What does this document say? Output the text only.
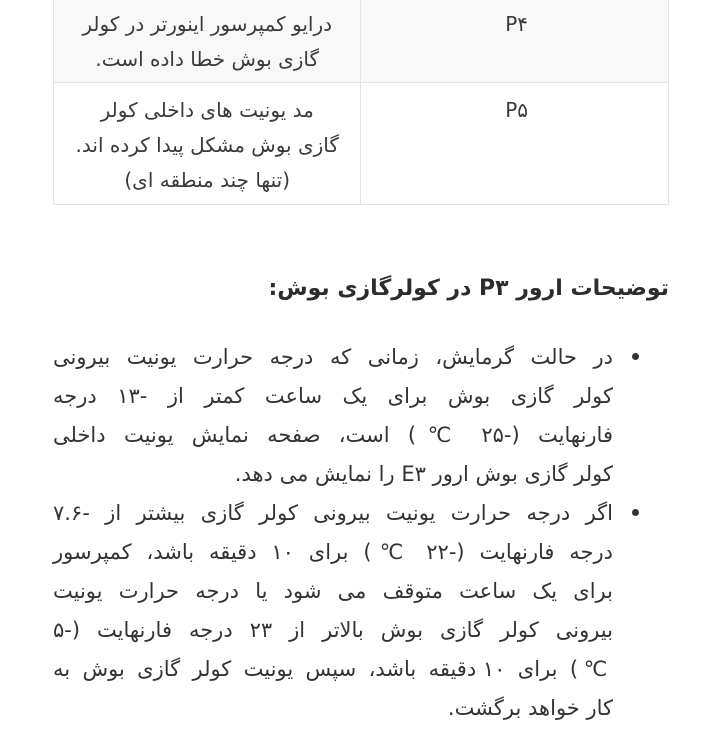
P۴	درایو کمپرسور اینورتر در کولر
گازی بوش خطا داده است.

P۵	مد یونیت های داخلی کولر
گازی بوش مشکل پیدا کرده اند.
(تنها چند منطقه ای)
توضیحات ارور P۳ در کولرگازی بوش:
در حالت گرمایش، زمانی که درجه حرارت یونیت بیرونی
کولر گازی بوش برای یک ساعت کمتر از -۱۳ درجه
فارنهایت (-۲۵ ℃) است، صفحه نمایش یونیت داخلی
کولر گازی بوش ارور E۳ را نمایش می دهد.
اگر درجه حرارت یونیت بیرونی کولر گازی بیشتر از -۷.۶
درجه فارنهایت (-۲۲ ℃) برای ۱۰ دقیقه باشد، کمپرسور
برای یک ساعت متوقف می شود یا درجه حرارت یونیت
بیرونی کولر گازی بوش بالاتر از ۲۳ درجه فارنهایت (-۵
℃) برای ۱۰ دقیقه باشد، سپس یونیت کولر گازی بوش به
کار خواهد برگشت.
